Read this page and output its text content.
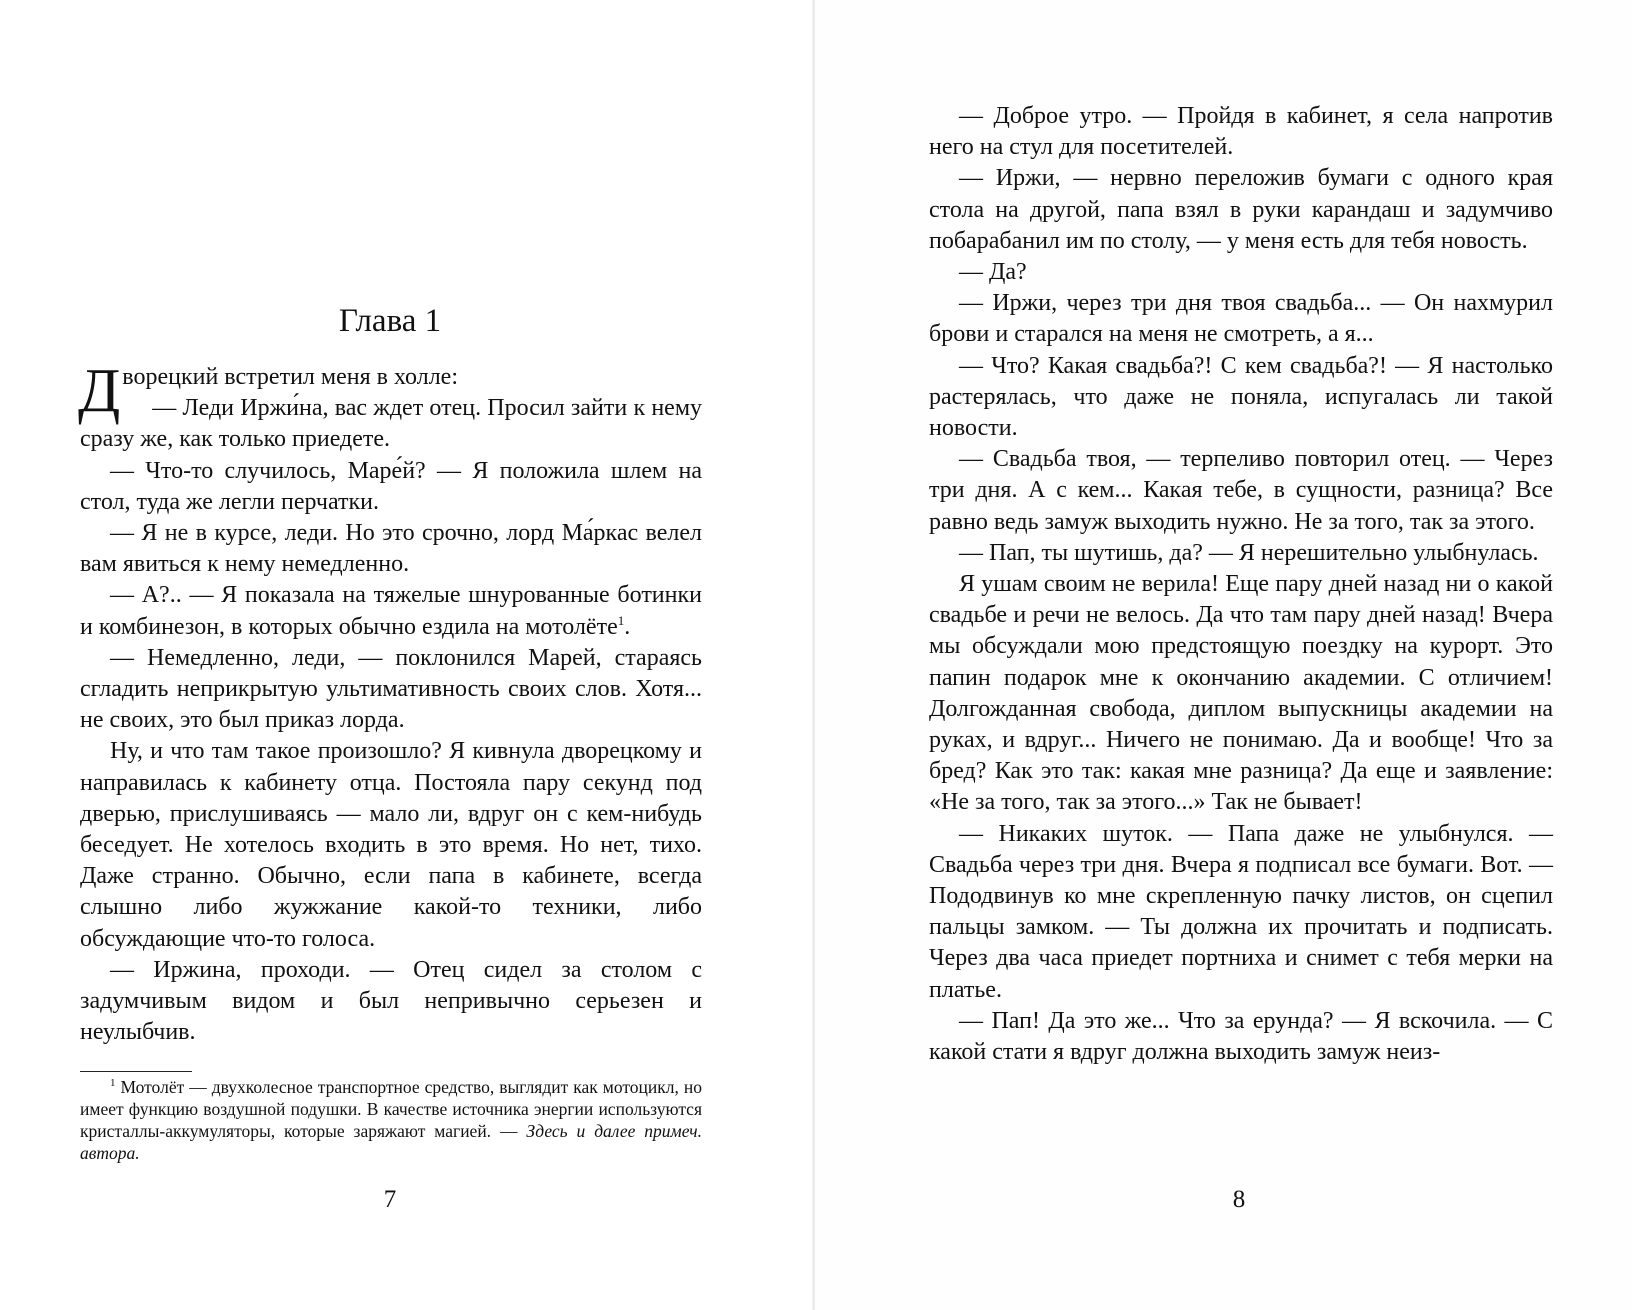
Глава 1

Дворецкий встретил меня в холле:

— Леди Иржи́на, вас ждет отец. Просил зайти к нему сразу же, как только приедете.

— Что-то случилось, Маре́й? — Я положила шлем на стол, туда же легли перчатки.

— Я не в курсе, леди. Но это срочно, лорд Ма́ркас велел вам явиться к нему немедленно.

— А?.. — Я показала на тяжелые шнурованные ботинки и комбинезон, в которых обычно ездила на мотолёте$^1$.

— Немедленно, леди, — поклонился Марей, стараясь сгладить неприкрытую ультимативность своих слов. Хотя... не своих, это был приказ лорда.

Ну, и что там такое произошло? Я кивнула дворецкому и направилась к кабинету отца. Постояла пару секунд под дверью, прислушиваясь — мало ли, вдруг он с кем-нибудь беседует. Не хотелось входить в это время. Но нет, тихо. Даже странно. Обычно, если папа в кабинете, всегда слышно либо жужжание какой-то техники, либо обсуждающие что-то голоса.

— Иржина, проходи. — Отец сидел за столом с задумчивым видом и был непривычно серьезен и неулыбчив.

$^1$ Мотолёт — двухколесное транспортное средство, выглядит как мотоцикл, но имеет функцию воздушной подушки. В качестве источника энергии используются кристаллы-аккумуляторы, которые заряжают магией. — Здесь и далее примеч. автора.

7

— Доброе утро. — Пройдя в кабинет, я села напротив него на стул для посетителей.

— Иржи, — нервно переложив бумаги с одного края стола на другой, папа взял в руки карандаш и задумчиво побарабанил им по столу, — у меня есть для тебя новость.

— Да?

— Иржи, через три дня твоя свадьба... — Он нахмурил брови и старался на меня не смотреть, а я...

— Что? Какая свадьба?! С кем свадьба?! — Я настолько растерялась, что даже не поняла, испугалась ли такой новости.

— Свадьба твоя, — терпеливо повторил отец. — Через три дня. А с кем... Какая тебе, в сущности, разница? Все равно ведь замуж выходить нужно. Не за того, так за этого.

— Пап, ты шутишь, да? — Я нерешительно улыбнулась.

Я ушам своим не верила! Еще пару дней назад ни о какой свадьбе и речи не велось. Да что там пару дней назад! Вчера мы обсуждали мою предстоящую поездку на курорт. Это папин подарок мне к окончанию академии. С отличием! Долгожданная свобода, диплом выпускницы академии на руках, и вдруг... Ничего не понимаю. Да и вообще! Что за бред? Как это так: какая мне разница? Да еще и заявление: «Не за того, так за этого...» Так не бывает!

— Никаких шуток. — Папа даже не улыбнулся. — Свадьба через три дня. Вчера я подписал все бумаги. Вот. — Пододвинув ко мне скрепленную пачку листов, он сцепил пальцы замком. — Ты должна их прочитать и подписать. Через два часа приедет портниха и снимет с тебя мерки на платье.

— Пап! Да это же... Что за ерунда? — Я вскочила. — С какой стати я вдруг должна выходить замуж неиз-

8
